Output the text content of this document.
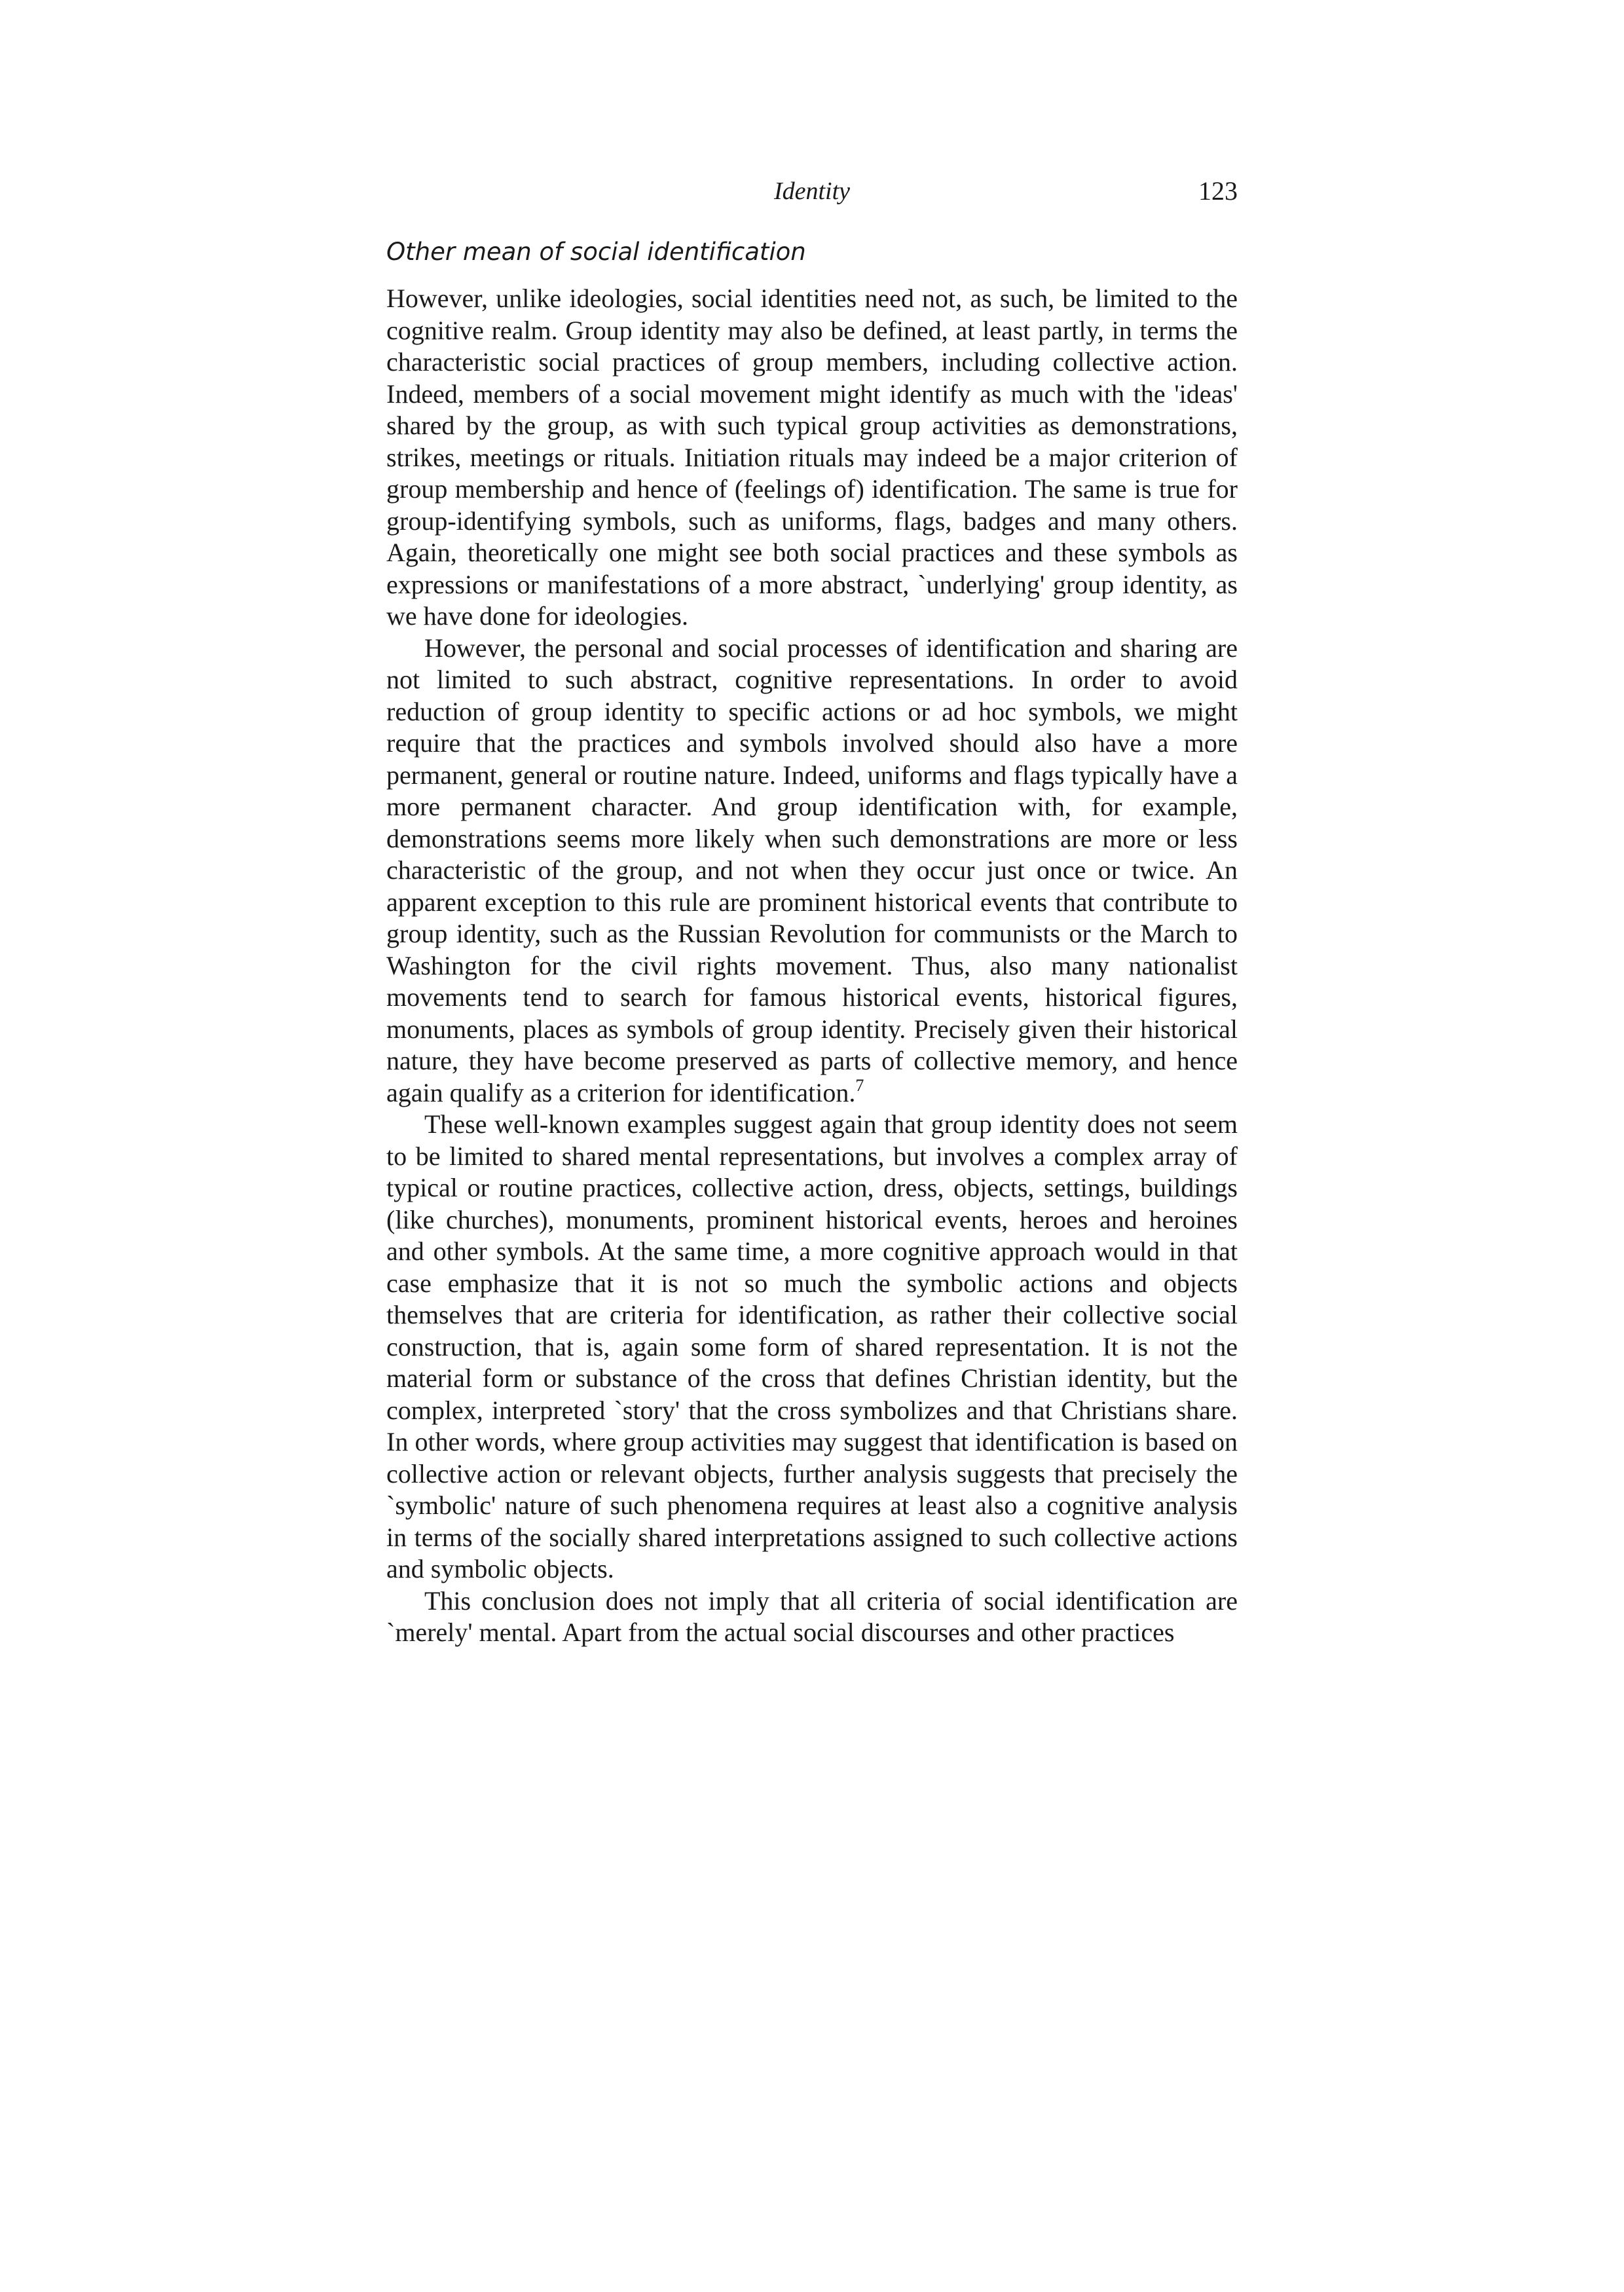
Identity	123
Other mean of social identification

However, unlike ideologies, social identities need not, as such, be limited to the cognitive realm. Group identity may also be defined, at least partly, in terms the characteristic social practices of group members, including collective action. Indeed, members of a social movement might identify as much with the 'ideas' shared by the group, as with such typical group activities as demonstrations, strikes, meetings or rituals. Initiation rituals may indeed be a major criterion of group membership and hence of (feelings of) identification. The same is true for group-identifying symbols, such as uniforms, flags, badges and many others. Again, theoretically one might see both social practices and these symbols as expressions or manifestations of a more abstract, `underlying' group identity, as we have done for ideologies.

However, the personal and social processes of identification and sharing are not limited to such abstract, cognitive representations. In order to avoid reduction of group identity to specific actions or ad hoc symbols, we might require that the practices and symbols involved should also have a more permanent, general or routine nature. Indeed, uniforms and flags typically have a more permanent character. And group identification with, for example, demonstrations seems more likely when such demonstrations are more or less characteristic of the group, and not when they occur just once or twice. An apparent exception to this rule are prominent historical events that contribute to group identity, such as the Russian Revolution for communists or the March to Washington for the civil rights movement. Thus, also many nationalist movements tend to search for famous historical events, historical figures, monuments, places as symbols of group identity. Precisely given their historical nature, they have become preserved as parts of collective memory, and hence again qualify as a criterion for identification.$^7$

These well-known examples suggest again that group identity does not seem to be limited to shared mental representations, but involves a complex array of typical or routine practices, collective action, dress, objects, settings, buildings (like churches), monuments, prominent historical events, heroes and heroines and other symbols. At the same time, a more cognitive approach would in that case emphasize that it is not so much the symbolic actions and objects themselves that are criteria for identification, as rather their collective social construction, that is, again some form of shared representation. It is not the material form or substance of the cross that defines Christian identity, but the complex, interpreted `story' that the cross symbolizes and that Christians share. In other words, where group activities may suggest that identification is based on collective action or relevant objects, further analysis suggests that precisely the `symbolic' nature of such phenomena requires at least also a cognitive analysis in terms of the socially shared interpretations assigned to such collective actions and symbolic objects.

This conclusion does not imply that all criteria of social identification are `merely' mental. Apart from the actual social discourses and other practices
